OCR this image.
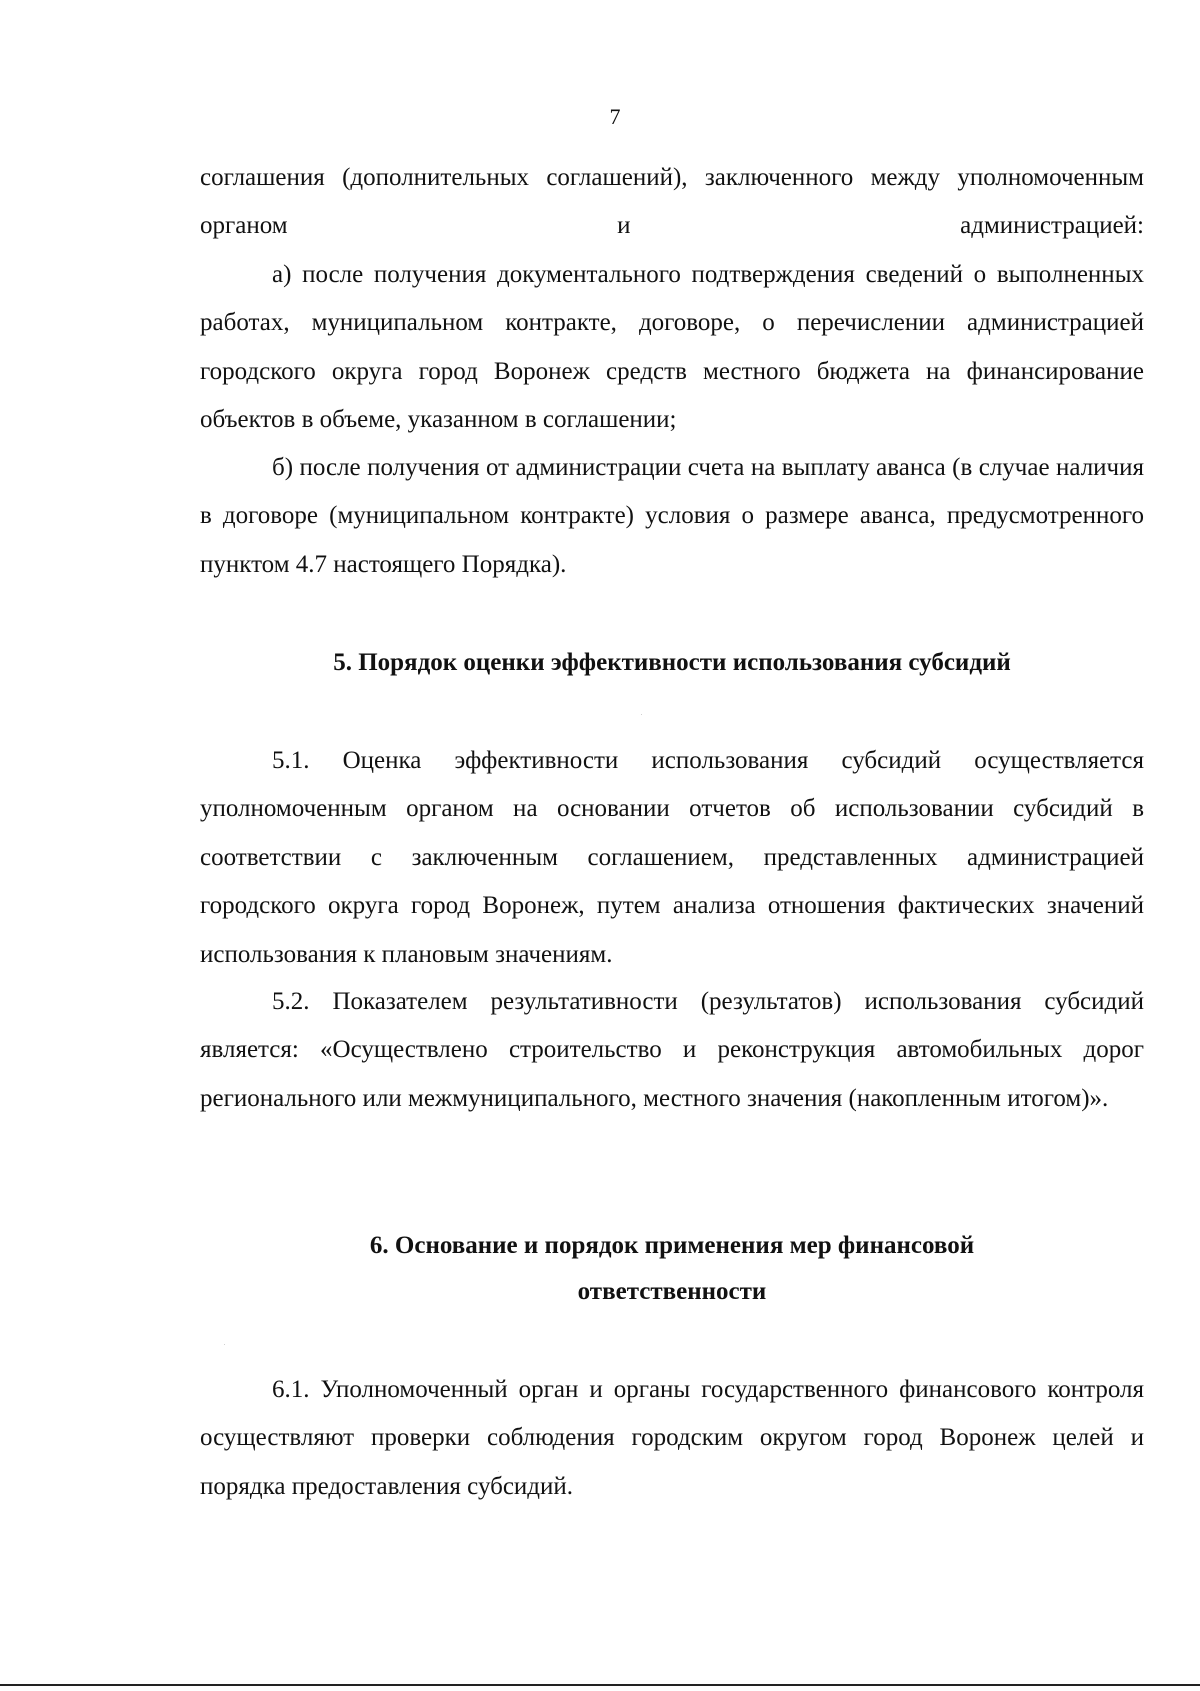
7

соглашения (дополнительных соглашений), заключенного между уполномоченным органом и администрацией:

а) после получения документального подтверждения сведений о выполненных работах, муниципальном контракте, договоре, о перечислении администрацией городского округа город Воронеж средств местного бюджета на финансирование объектов в объеме, указанном в соглашении;

б) после получения от администрации счета на выплату аванса (в случае наличия в договоре (муниципальном контракте) условия о размере аванса, предусмотренного пунктом 4.7 настоящего Порядка).

5. Порядок оценки эффективности использования субсидий

5.1. Оценка эффективности использования субсидий осуществляется уполномоченным органом на основании отчетов об использовании субсидий в соответствии с заключенным соглашением, представленных администрацией городского округа город Воронеж, путем анализа отношения фактических значений использования к плановым значениям.

5.2. Показателем результативности (результатов) использования субсидий является: «Осуществлено строительство и реконструкция автомобильных дорог регионального или межмуниципального, местного значения (накопленным итогом)».

6. Основание и порядок применения мер финансовой
ответственности

6.1. Уполномоченный орган и органы государственного финансового контроля осуществляют проверки соблюдения городским округом город Воронеж целей и порядка предоставления субсидий.
